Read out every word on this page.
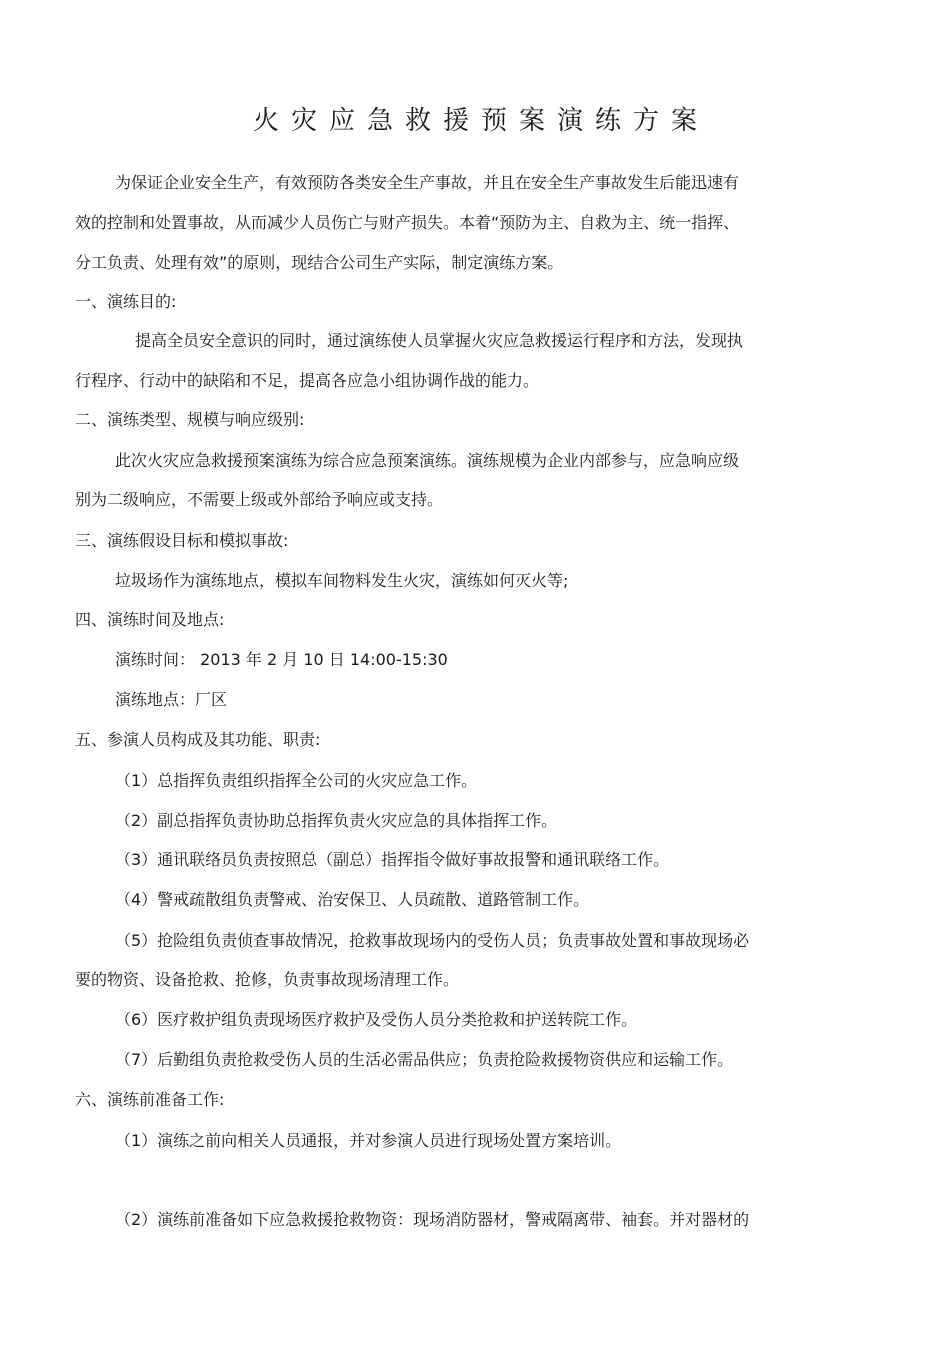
火灾应急救援预案演练方案
为保证企业安全生产，有效预防各类安全生产事故，并且在安全生产事故发生后能迅速有
效的控制和处置事故，从而减少人员伤亡与财产损失。本着“预防为主、自救为主、统一指挥、
分工负责、处理有效”的原则，现结合公司生产实际，制定演练方案。
一、演练目的:
提高全员安全意识的同时，通过演练使人员掌握火灾应急救援运行程序和方法，发现执
行程序、行动中的缺陷和不足，提高各应急小组协调作战的能力。
二、演练类型、规模与响应级别:
此次火灾应急救援预案演练为综合应急预案演练。演练规模为企业内部参与，应急响应级
别为二级响应，不需要上级或外部给予响应或支持。
三、演练假设目标和模拟事故:
垃圾场作为演练地点，模拟车间物料发生火灾，演练如何灭火等;
四、演练时间及地点:
演练时间： 2013 年 2 月 10 日 14:00-15:30
演练地点：厂区
五、参演人员构成及其功能、职责:
（1）总指挥负责组织指挥全公司的火灾应急工作。
（2）副总指挥负责协助总指挥负责火灾应急的具体指挥工作。
（3）通讯联络员负责按照总（副总）指挥指令做好事故报警和通讯联络工作。
（4）警戒疏散组负责警戒、治安保卫、人员疏散、道路管制工作。
（5）抢险组负责侦查事故情况，抢救事故现场内的受伤人员；负责事故处置和事故现场必
要的物资、设备抢救、抢修，负责事故现场清理工作。
（6）医疗救护组负责现场医疗救护及受伤人员分类抢救和护送转院工作。
（7）后勤组负责抢救受伤人员的生活必需品供应；负责抢险救援物资供应和运输工作。
六、演练前准备工作:
（1）演练之前向相关人员通报，并对参演人员进行现场处置方案培训。
（2）演练前准备如下应急救援抢救物资：现场消防器材，警戒隔离带、袖套。并对器材的
